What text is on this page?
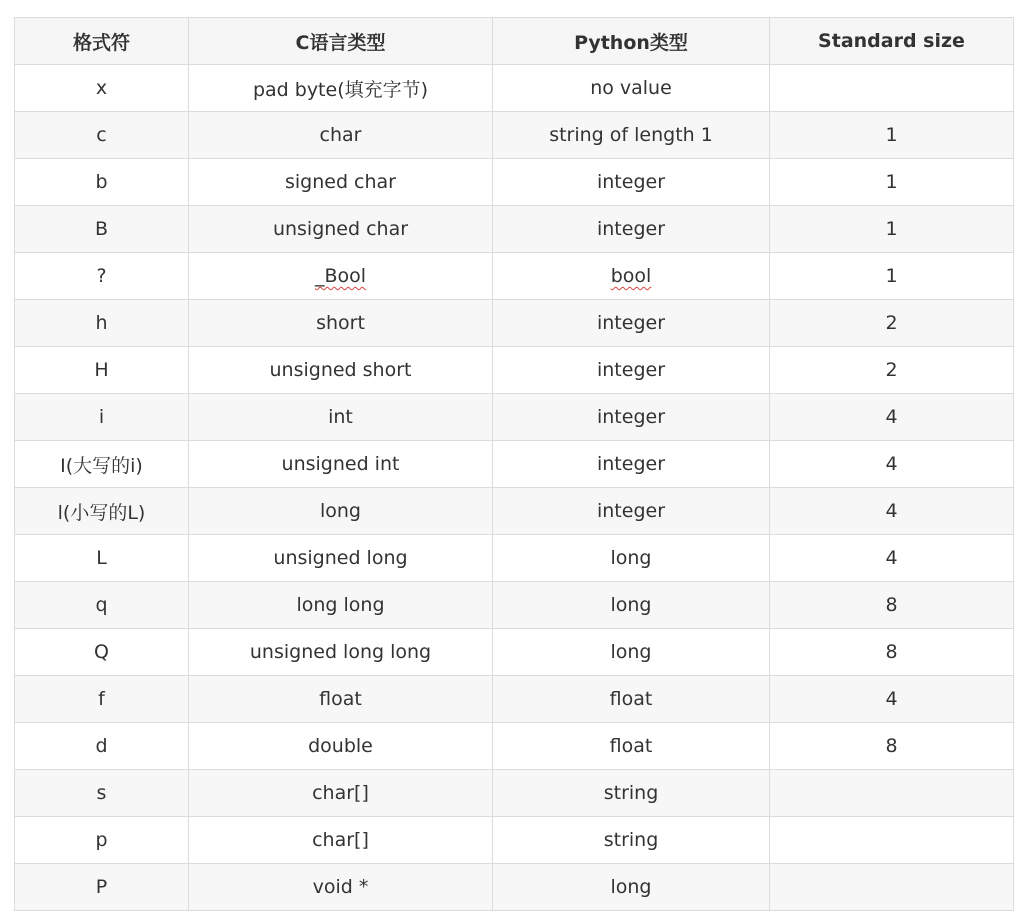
格式符	C语言类型	Python类型	Standard size
x	pad byte(填充字节)	no value	
c	char	string of length 1	1
b	signed char	integer	1
B	unsigned char	integer	1
?	_Bool	bool	1
h	short	integer	2
H	unsigned short	integer	2
i	int	integer	4
I(大写的i)	unsigned int	integer	4
l(小写的L)	long	integer	4
L	unsigned long	long	4
q	long long	long	8
Q	unsigned long long	long	8
f	float	float	4
d	double	float	8
s	char[]	string	
p	char[]	string	
P	void *	long	
